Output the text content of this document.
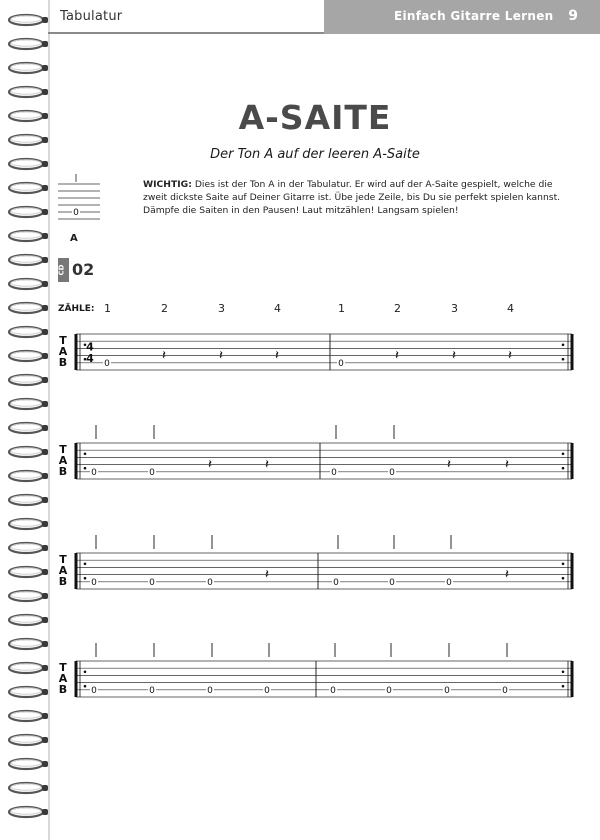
Tabulatur	Einfach Gitarre Lernen 9
A-SAITE
Der Ton A auf der leeren A-Saite
0
A
WICHTIG: Dies ist der Ton A in der Tabulatur. Er wird auf der A-Saite gespielt, welche die zweit dickste Saite auf Deiner Gitarre ist. Übe jede Zeile, bis Du sie perfekt spielen kannst. Dämpfe die Saiten in den Pausen! Laut mitzählen! Langsam spielen!
CD 02
ZÄHLE: 1	2	3	4	1	2	3	4
T
A
B
4
4 0
𝄽	𝄽	𝄽
0
𝄽	𝄽	𝄽
T
A
B	0	0
𝄽	𝄽
0	0
𝄽	𝄽
T
A
B	0	0	0
𝄽
0	0	0
𝄽
T
A
B	0	0	0	0	0	0	0	0
